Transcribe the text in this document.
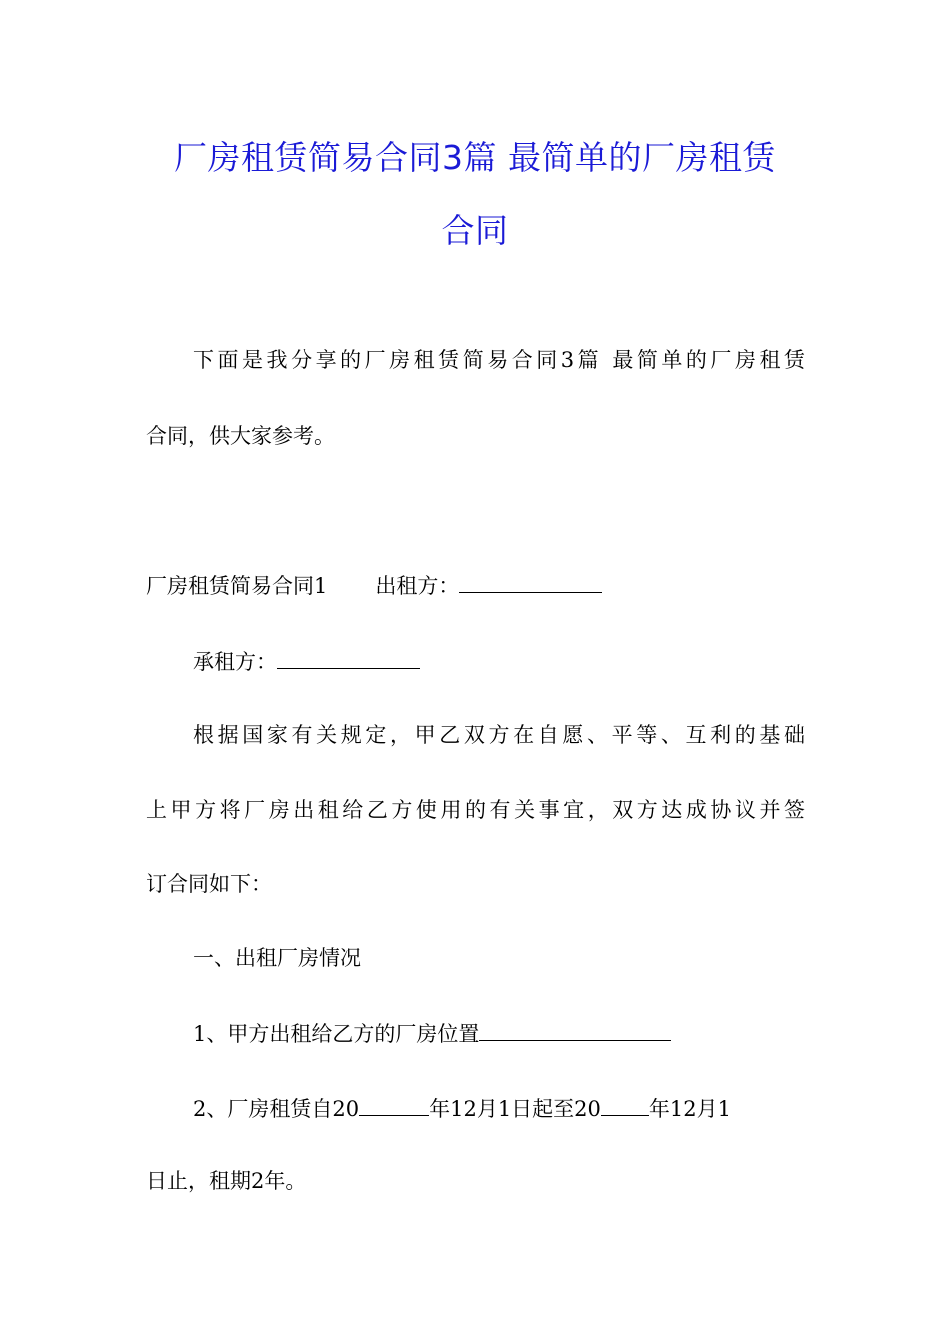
厂房租赁简易合同3篇 最简单的厂房租赁
合同
下面是我分享的厂房租赁简易合同3篇 最简单的厂房租赁
合同，供大家参考。
厂房租赁简易合同1 出租方：
承租方：
根据国家有关规定，甲乙双方在自愿、平等、互利的基础
上甲方将厂房出租给乙方使用的有关事宜，双方达成协议并签
订合同如下：
一、出租厂房情况
1、甲方出租给乙方的厂房位置
2、厂房租赁自20	年12月1日起至20 年12月1
日止，租期2年。
